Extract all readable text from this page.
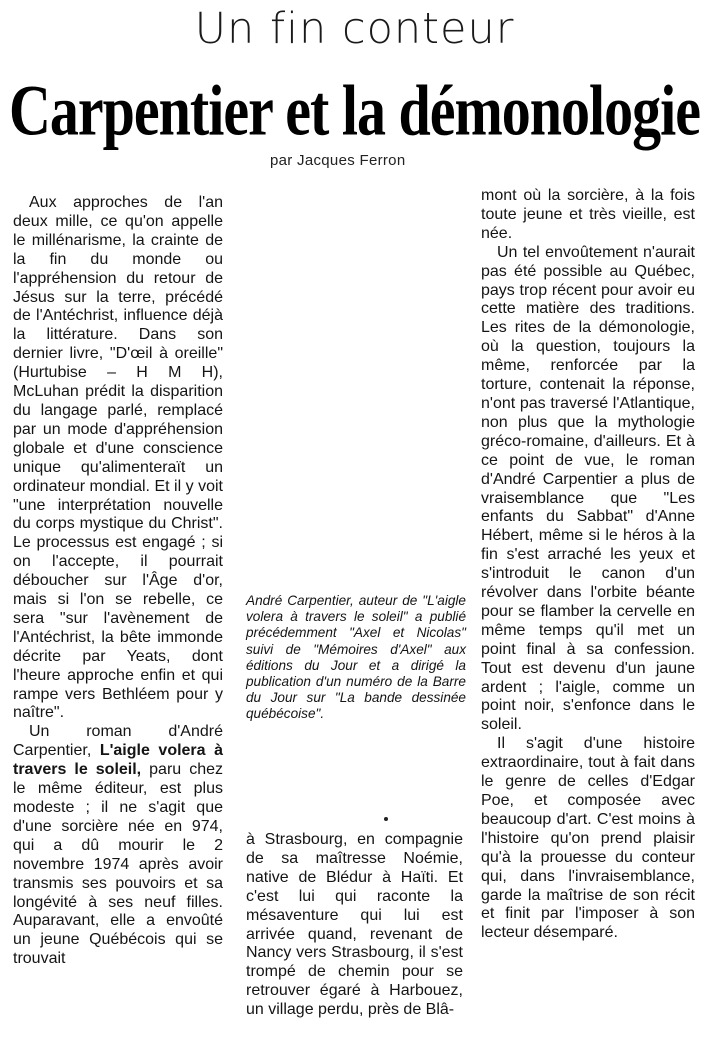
Un fin conteur
Carpentier et la démonologie
par Jacques Ferron

Aux approches de l'an deux mille, ce qu'on appelle le millénarisme, la crainte de la fin du monde ou l'appréhension du retour de Jésus sur la terre, précédé de l'Antéchrist, influence déjà la littérature. Dans son dernier livre, "D'œil à oreille" (Hurtubise – H M H), McLuhan prédit la disparition du langage parlé, remplacé par un mode d'appréhension globale et d'une conscience unique qu'alimenteraït un ordinateur mondial. Et il y voit "une interprétation nouvelle du corps mystique du Christ". Le processus est engagé ; si on l'accepte, il pourrait déboucher sur l'Âge d'or, mais si l'on se rebelle, ce sera "sur l'avènement de l'Antéchrist, la bête immonde décrite par Yeats, dont l'heure approche enfin et qui rampe vers Bethléem pour y naître".

Un roman d'André Carpentier, L'aigle volera à travers le soleil, paru chez le même éditeur, est plus modeste ; il ne s'agit que d'une sorcière née en 974, qui a dû mourir le 2 novembre 1974 après avoir transmis ses pouvoirs et sa longévité à ses neuf filles. Auparavant, elle a envoûté un jeune Québécois qui se trouvait

André Carpentier, auteur de "L'aigle volera à travers le soleil" a publié précédemment "Axel et Nicolas" suivi de "Mémoires d'Axel" aux éditions du Jour et a dirigé la publication d'un numéro de la Barre du Jour sur "La bande dessinée québécoise".

à Strasbourg, en compagnie de sa maîtresse Noémie, native de Blédur à Haïti. Et c'est lui qui raconte la mésaventure qui lui est arrivée quand, revenant de Nancy vers Strasbourg, il s'est trompé de chemin pour se retrouver égaré à Harbouez, un village perdu, près de Blâ-

mont où la sorcière, à la fois toute jeune et très vieille, est née.

Un tel envoûtement n'aurait pas été possible au Québec, pays trop récent pour avoir eu cette matière des traditions. Les rites de la démonologie, où la question, toujours la même, renforcée par la torture, contenait la réponse, n'ont pas traversé l'Atlantique, non plus que la mythologie gréco-romaine, d'ailleurs. Et à ce point de vue, le roman d'André Carpentier a plus de vraisemblance que "Les enfants du Sabbat" d'Anne Hébert, même si le héros à la fin s'est arraché les yeux et s'introduit le canon d'un révolver dans l'orbite béante pour se flamber la cervelle en même temps qu'il met un point final à sa confession. Tout est devenu d'un jaune ardent ; l'aigle, comme un point noir, s'enfonce dans le soleil.

Il s'agit d'une histoire extraordinaire, tout à fait dans le genre de celles d'Edgar Poe, et composée avec beaucoup d'art. C'est moins à l'histoire qu'on prend plaisir qu'à la prouesse du conteur qui, dans l'invraisemblance, garde la maîtrise de son récit et finit par l'imposer à son lecteur désemparé.
